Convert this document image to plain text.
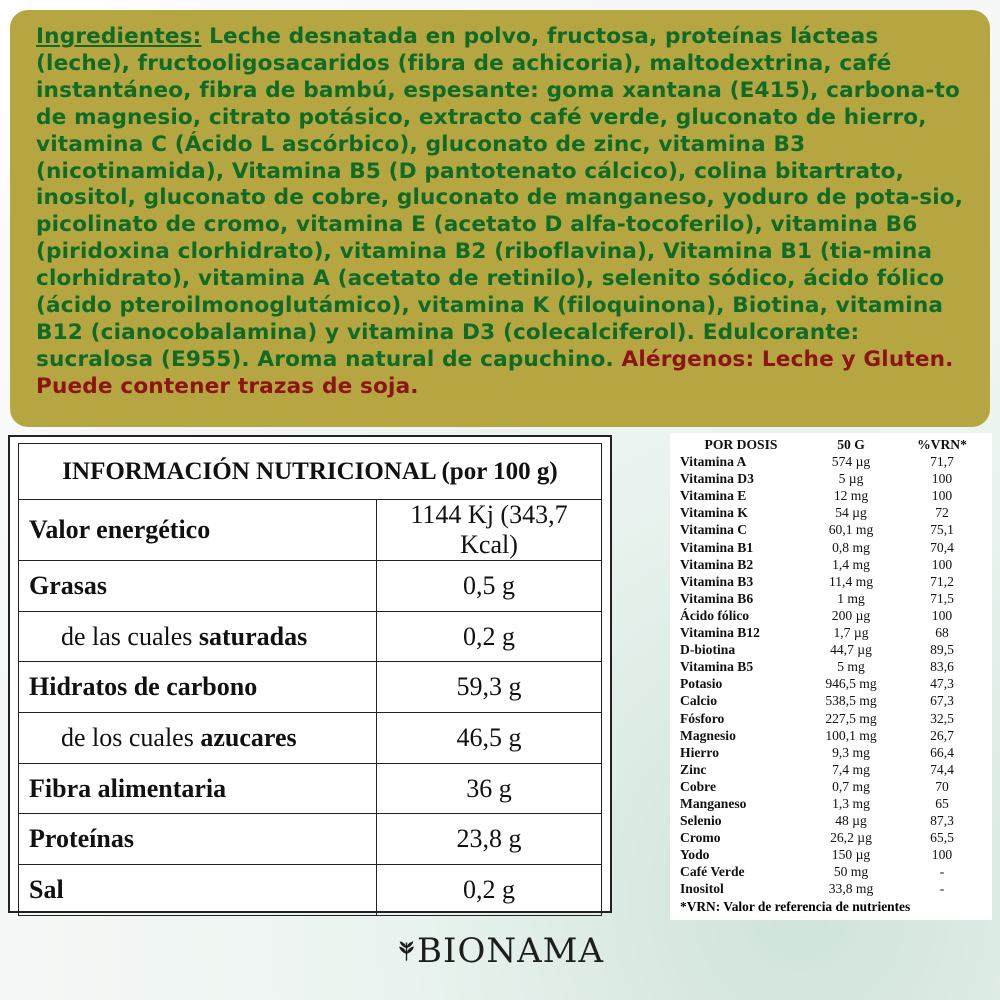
Ingredientes: Leche desnatada en polvo, fructosa, proteínas lácteas (leche), fructooligosacaridos (fibra de achicoria), maltodextrina, café instantáneo, fibra de bambú, espesante: goma xantana (E415), carbona-to de magnesio, citrato potásico, extracto café verde, gluconato de hierro, vitamina C (Ácido L ascórbico), gluconato de zinc, vitamina B3 (nicotinamida), Vitamina B5 (D pantotenato cálcico), colina bitartrato, inositol, gluconato de cobre, gluconato de manganeso, yoduro de pota-sio, picolinato de cromo, vitamina E (acetato D alfa-tocoferilo), vitamina B6 (piridoxina clorhidrato), vitamina B2 (riboflavina), Vitamina B1 (tia-mina clorhidrato), vitamina A (acetato de retinilo), selenito sódico, ácido fólico (ácido pteroilmonoglutámico), vitamina K (filoquinona), Biotina, vitamina B12 (cianocobalamina) y vitamina D3 (colecalciferol). Edulcorante: sucralosa (E955). Aroma natural de capuchino. Alérgenos: Leche y Gluten. Puede contener trazas de soja.

INFORMACIÓN NUTRICIONAL (por 100 g)	
Valor energético	1144 Kj (343,7 Kcal)
Grasas	0,5 g
de las cuales saturadas	0,2 g
Hidratos de carbono	59,3 g
de los cuales azucares	46,5 g
Fibra alimentaria	36 g
Proteínas	23,8 g
Sal	0,2 g
POR DOSIS	50 G	%VRN*
Vitamina A	574 µg	71,7
Vitamina D3	5 µg	100
Vitamina E	12 mg	100
Vitamina K	54 µg	72
Vitamina C	60,1 mg	75,1
Vitamina B1	0,8 mg	70,4
Vitamina B2	1,4 mg	100
Vitamina B3	11,4 mg	71,2
Vitamina B6	1 mg	71,5
Ácido fólico	200 µg	100
Vitamina B12	1,7 µg	68
D-biotina	44,7 µg	89,5
Vitamina B5	5 mg	83,6
Potasio	946,5 mg	47,3
Calcio	538,5 mg	67,3
Fósforo	227,5 mg	32,5
Magnesio	100,1 mg	26,7
Hierro	9,3 mg	66,4
Zinc	7,4 mg	74,4
Cobre	0,7 mg	70
Manganeso	1,3 mg	65
Selenio	48 µg	87,3
Cromo	26,2 µg	65,5
Yodo	150 µg	100
Café Verde	50 mg	-
Inositol	33,8 mg	-
*VRN: Valor de referencia de nutrientes
BIONAMA
